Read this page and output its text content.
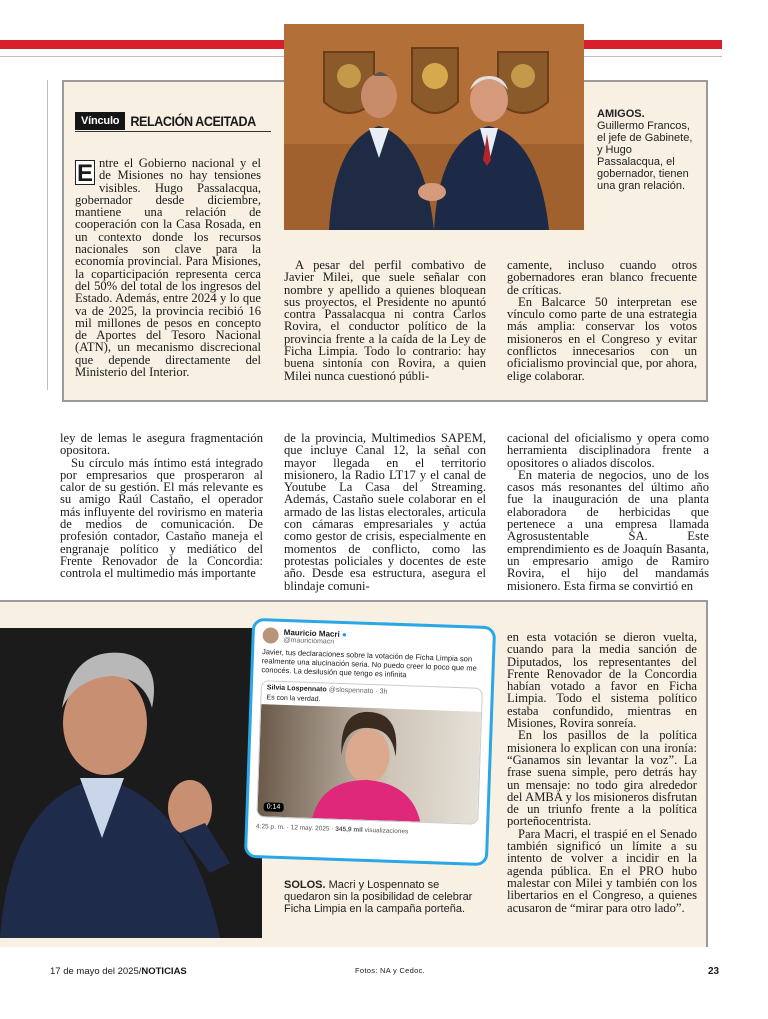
Vínculo RELACIÓN ACEITADA

E ntre el Gobierno nacional y el de Misiones no hay tensiones visibles. Hugo Passalacqua, gobernador desde diciembre, mantiene una relación de cooperación con la Casa Rosada, en un contexto donde los recursos nacionales son clave para la economía provincial. Para Misiones, la coparticipación representa cerca del 50% del total de los ingresos del Estado. Además, entre 2024 y lo que va de 2025, la provincia recibió 16 mil millones de pesos en concepto de Aportes del Tesoro Nacional (ATN), un mecanismo discrecional que depende directamente del Ministerio del Interior.

A pesar del perfil combativo de Javier Milei, que suele señalar con nombre y apellido a quienes bloquean sus proyectos, el Presidente no apuntó contra Passalacqua ni contra Carlos Rovira, el conductor político de la provincia frente a la caída de la Ley de Ficha Limpia. Todo lo contrario: hay buena sintonía con Rovira, a quien Milei nunca cuestionó públi-

camente, incluso cuando otros gobernadores eran blanco frecuente de críticas.

En Balcarce 50 interpretan ese vínculo como parte de una estrategia más amplia: conservar los votos misioneros en el Congreso y evitar conflictos innecesarios con un oficialismo provincial que, por ahora, elige colaborar.

AMIGOS.
Guillermo Francos, el jefe de Gabinete, y Hugo Passalacqua, el gobernador, tienen una gran relación.

ley de lemas le asegura fragmentación opositora.

Su círculo más íntimo está integrado por empresarios que prosperaron al calor de su gestión. El más relevante es su amigo Raúl Castaño, el operador más influyente del rovirismo en materia de medios de comunicación. De profesión contador, Castaño maneja el engranaje político y mediático del Frente Renovador de la Concordia: controla el multimedio más importante

de la provincia, Multimedios SAPEM, que incluye Canal 12, la señal con mayor llegada en el territorio misionero, la Radio LT17 y el canal de Youtube La Casa del Streaming. Además, Castaño suele colaborar en el armado de las listas electorales, articula con cámaras empresariales y actúa como gestor de crisis, especialmente en momentos de conflicto, como las protestas policiales y docentes de este año. Desde esa estructura, asegura el blindaje comuni-

cacional del oficialismo y opera como herramienta disciplinadora frente a opositores o aliados díscolos.

En materia de negocios, uno de los casos más resonantes del último año fue la inauguración de una planta elaboradora de herbicidas que pertenece a una empresa llamada Agrosustentable SA. Este emprendimiento es de Joaquín Basanta, un empresario amigo de Ramiro Rovira, el hijo del mandamás misionero. Esta firma se convirtió en

Mauricio Macri ●
@mauriciomacri
Javier, tus declaraciones sobre la votación de Ficha Limpia son realmente una alucinación seria. No puedo creer lo poco que me conocés. La desilusión que tengo es infinita
Silvia Lospennato @slospennato · 3h
Es con la verdad.
0:14
4:25 p. m. · 12 may. 2025 · 345,9 mil visualizaciones
SOLOS. Macri y Lospennato se quedaron sin la posibilidad de celebrar Ficha Limpia en la campaña porteña.

en esta votación se dieron vuelta, cuando para la media sanción de Diputados, los representantes del Frente Renovador de la Concordia habían votado a favor en Ficha Limpia. Todo el sistema político estaba confundido, mientras en Misiones, Rovira sonreía.

En los pasillos de la política misionera lo explican con una ironía: “Ganamos sin levantar la voz”. La frase suena simple, pero detrás hay un mensaje: no todo gira alrededor del AMBA y los misioneros disfrutan de un triunfo frente a la política porteñocentrista.

Para Macri, el traspié en el Senado también significó un límite a su intento de volver a incidir en la agenda pública. En el PRO hubo malestar con Milei y también con los libertarios en el Congreso, a quienes acusaron de “mirar para otro lado”.

17 de mayo del 2025/NOTICIAS	Fotos: NA y Cedoc.	23
